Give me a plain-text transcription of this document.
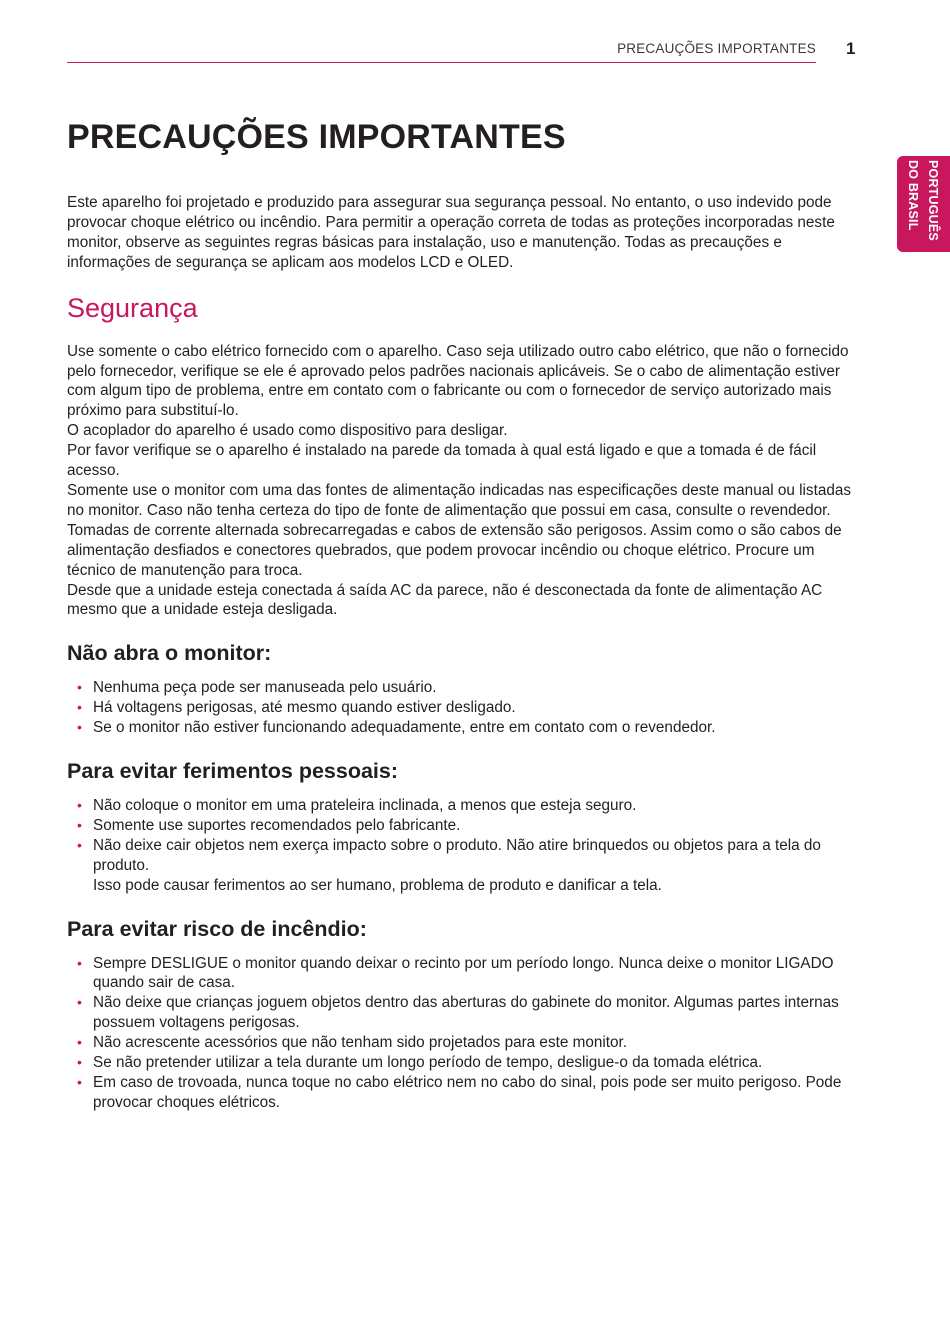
PRECAUÇÕES IMPORTANTES 1
PORTUGUÊS
DO BRASIL
PRECAUÇÕES IMPORTANTES

Este aparelho foi projetado e produzido para assegurar sua segurança pessoal. No entanto, o uso indevido pode provocar choque elétrico ou incêndio. Para permitir a operação correta de todas as proteções incorporadas neste monitor, observe as seguintes regras básicas para instalação, uso e manutenção. Todas as precauções e informações de segurança se aplicam aos modelos LCD e OLED.

Segurança

Use somente o cabo elétrico fornecido com o aparelho. Caso seja utilizado outro cabo elétrico, que não o fornecido pelo fornecedor, verifique se ele é aprovado pelos padrões nacionais aplicáveis. Se o cabo de alimentação estiver com algum tipo de problema, entre em contato com o fabricante ou com o fornecedor de serviço autorizado mais próximo para substituí-lo.

O acoplador do aparelho é usado como dispositivo para desligar.

Por favor verifique se o aparelho é instalado na parede da tomada à qual está ligado e que a tomada é de fácil acesso.

Somente use o monitor com uma das fontes de alimentação indicadas nas especificações deste manual ou listadas no monitor. Caso não tenha certeza do tipo de fonte de alimentação que possui em casa, consulte o revendedor.

Tomadas de corrente alternada sobrecarregadas e cabos de extensão são perigosos. Assim como o são cabos de alimentação desfiados e conectores quebrados, que podem provocar incêndio ou choque elétrico. Procure um técnico de manutenção para troca.

Desde que a unidade esteja conectada á saída AC da parece, não é desconectada da fonte de alimentação AC mesmo que a unidade esteja desligada.

Não abra o monitor:
• Nenhuma peça pode ser manuseada pelo usuário.
• Há voltagens perigosas, até mesmo quando estiver desligado.
• Se o monitor não estiver funcionando adequadamente, entre em contato com o revendedor.
Para evitar ferimentos pessoais:
• Não coloque o monitor em uma prateleira inclinada, a menos que esteja seguro.
• Somente use suportes recomendados pelo fabricante.
• Não deixe cair objetos nem exerça impacto sobre o produto. Não atire brinquedos ou objetos para a tela do produto.
Isso pode causar ferimentos ao ser humano, problema de produto e danificar a tela.
Para evitar risco de incêndio:
• Sempre DESLIGUE o monitor quando deixar o recinto por um período longo. Nunca deixe o monitor LIGADO quando sair de casa.
• Não deixe que crianças joguem objetos dentro das aberturas do gabinete do monitor. Algumas partes internas possuem voltagens perigosas.
• Não acrescente acessórios que não tenham sido projetados para este monitor.
• Se não pretender utilizar a tela durante um longo período de tempo, desligue-o da tomada elétrica.
• Em caso de trovoada, nunca toque no cabo elétrico nem no cabo do sinal, pois pode ser muito perigoso. Pode provocar choques elétricos.
